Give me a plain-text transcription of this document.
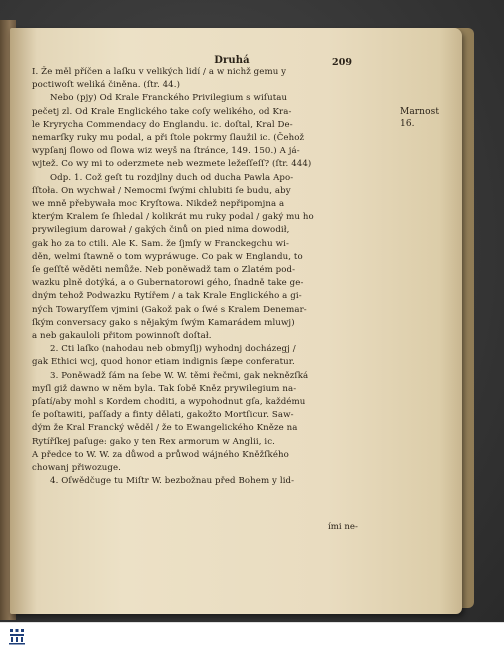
Druhá	209
Marnost
16.
I. Že měl příčen a laſku v velikých lidí / a w nichž gemu y
poctiwoſt weliká činěna. (ſtr. 44.)
Nebo (pjy) Od Krale Franckého Privilegium s wiſutau
pečetj zl. Od Krale Englického take coſy welikého, od Kra-
le Kryrycha Commendacy do Englandu. ic. doſtal, Kral De-
nemarſky ruky mu podal, a při ſtole pokrmy ſlaužil ic. (Čehož
wypſanj ſlowo od ſlowa wiz weyš na ſtránce, 149. 150.) A já-
wjtež. Co wy mi to oderzmete neb wezmete ležeſſeſſ? (ſtr. 444)
Odp. 1. Což geſt tu rozdjlny duch od ducha Pawla Apo-
ſſtoła. On wychwał / Nemocmi ſwými chlubiti ſe budu, aby
we mně přebywała moc Kryſtowa. Nikdež nepřipomjna a
kterým Kralem ſe ſhledal / kolikrát mu ruky podal / gaký mu ho
prywilegium darował / gakých činů on pied nima dowodił,
gak ho za to ctili. Ale K. Sam. že ſjmſy w Franckegchu wi-
děn, welmi ſtawně o tom wypráwuge. Co pak w Englandu, to
ſe geſſtě wěděti nemůže. Neb poněwadž tam o Zlatém pod-
wazku plně dotýká, a o Gubernatorowi gého, ſnadně take ge-
dným tehož Podwazku Rytířem / a tak Krale Englického a gi-
ných Towaryſſem vjmini (Gakož pak o ſwé s Kralem Denemar-
ſkým conversacy gako s nějakým ſwým Kamarádem mluwj)
a neb gakauloli přitom powinnoſt doſtał.
2. Cti laſko (nahodau neb obmyſlj) wyhodnj docházegj /
gak Ethici wcj, quod honor etiam indignis ſæpe conferatur.
3. Poněwadž ſám na ſebe W. W. těmi řečmi, gak neknězſká
myſl giž dawno w něm byla. Tak ſobě Kněz prywilegium na-
pſatí/aby mohl s Kordem choditi, a wypohodnut gſa, každému
ſe poſtawiti, paſſady a finty dělati, gakožto Mortſicur. Saw-
dým že Kral Francký wěděl / že to Ewangelického Kněze na
Rytířſkej paſuge: gako y ten Rex armorum w Anglii, ic.
A předce to W. W. za důwod a průwod wájného Kněžſkého
chowanj přiwozuge.
4. Oſwědčuge tu Miſtr W. bezbožnau před Bohem y lid-
ími ne-
